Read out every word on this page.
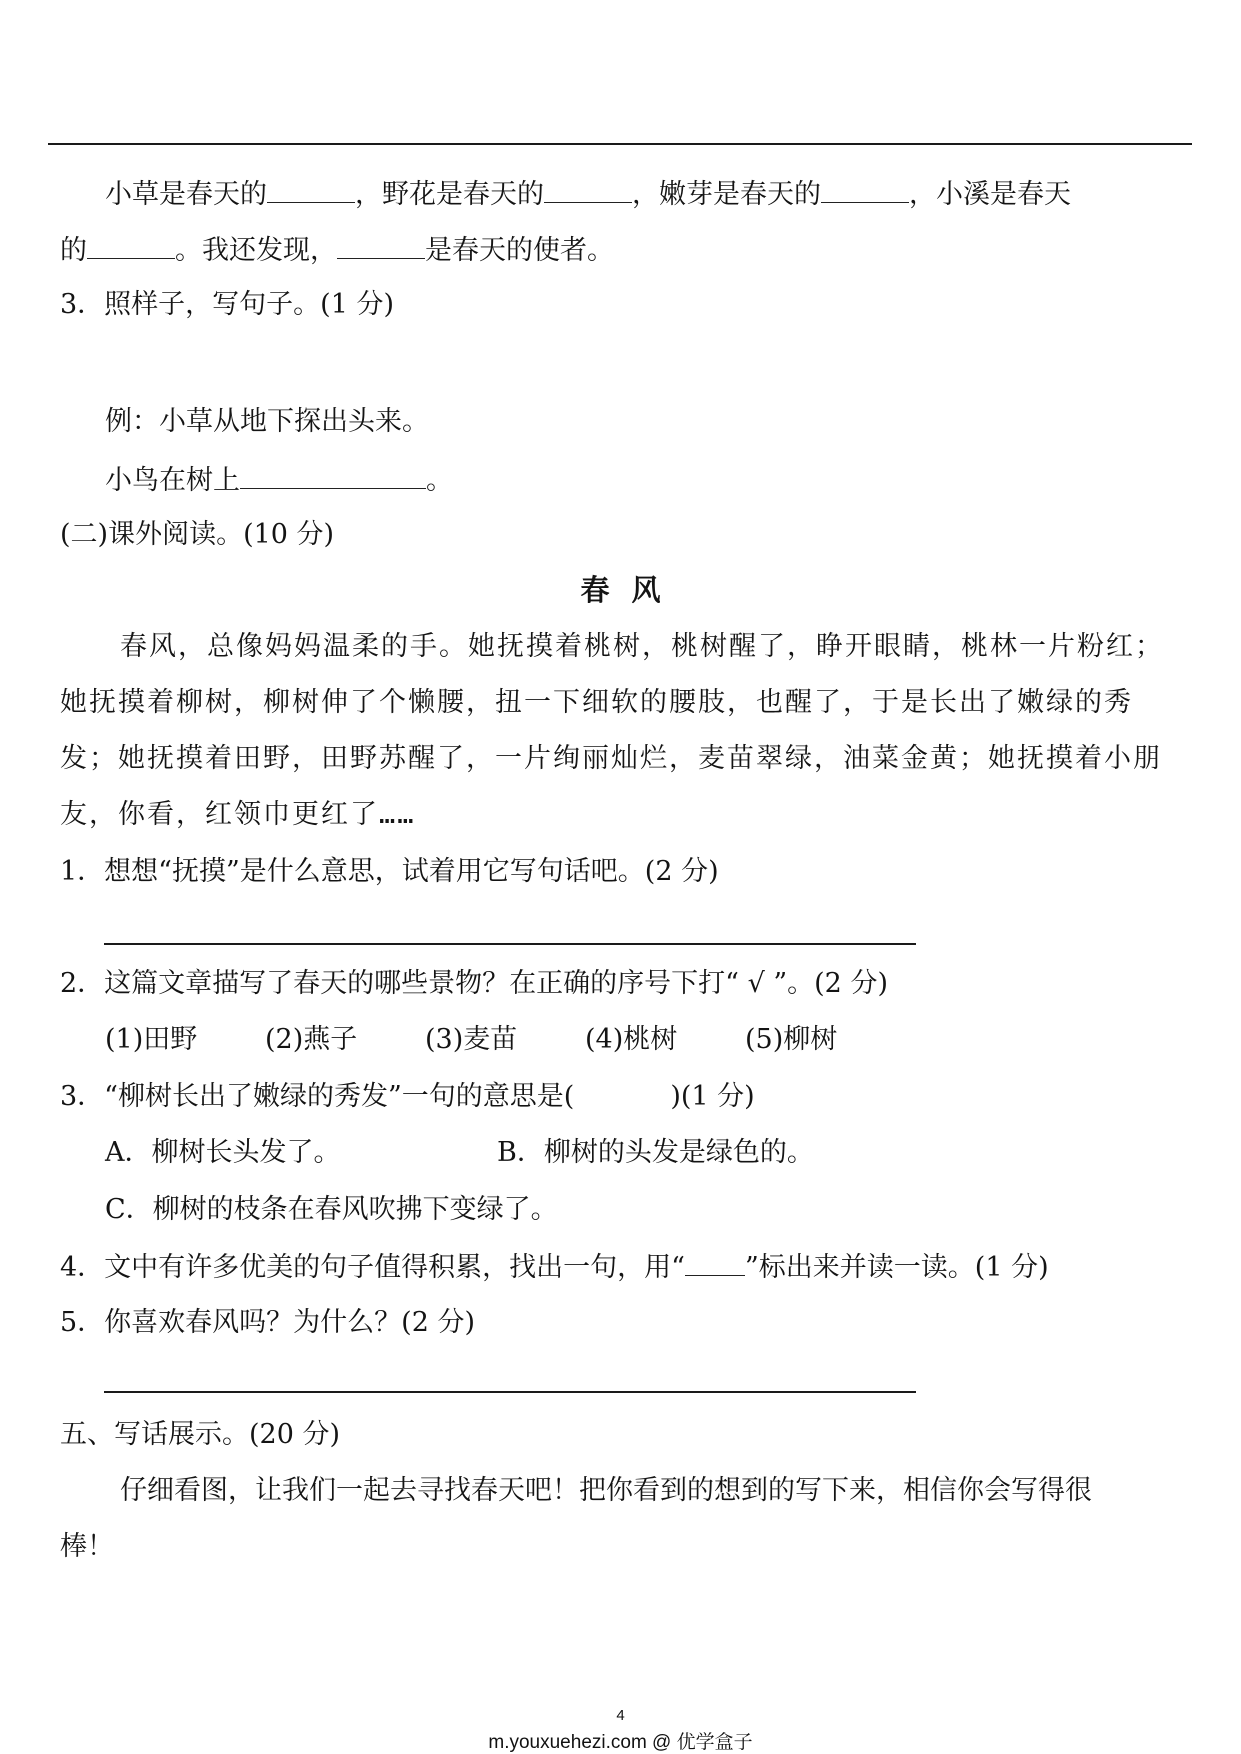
小草是春天的	，野花是春天的	，嫩芽是春天的	，小溪是春天
的	。我还发现，	是春天的使者。
3．照样子，写句子。(1 分)
例：小草从地下探出头来。
小鸟在树上	。
(二)课外阅读。(10 分)
春风
春风，总像妈妈温柔的手。她抚摸着桃树，桃树醒了，睁开眼睛，桃林一片粉红；
她抚摸着柳树，柳树伸了个懒腰，扭一下细软的腰肢，也醒了，于是长出了嫩绿的秀
发；她抚摸着田野，田野苏醒了，一片绚丽灿烂，麦苗翠绿，油菜金黄；她抚摸着小朋
友，你看，红领巾更红了……
1．想想“抚摸”是什么意思，试着用它写句话吧。(2 分)
2．这篇文章描写了春天的哪些景物？在正确的序号下打“ √ ”。(2 分)
(1)田野	(2)燕子	(3)麦苗	(4)桃树	(5)柳树
3．“柳树长出了嫩绿的秀发”一句的意思是(	)(1 分)
A．柳树长头发了。	B．柳树的头发是绿色的。
C．柳树的枝条在春风吹拂下变绿了。
4．文中有许多优美的句子值得积累，找出一句，用“ ”标出来并读一读。(1 分)
5．你喜欢春风吗？为什么？(2 分)
五、写话展示。(20 分)
仔细看图，让我们一起去寻找春天吧！把你看到的想到的写下来，相信你会写得很
棒！
4
m.youxuehezi.com @ 优学盒子
